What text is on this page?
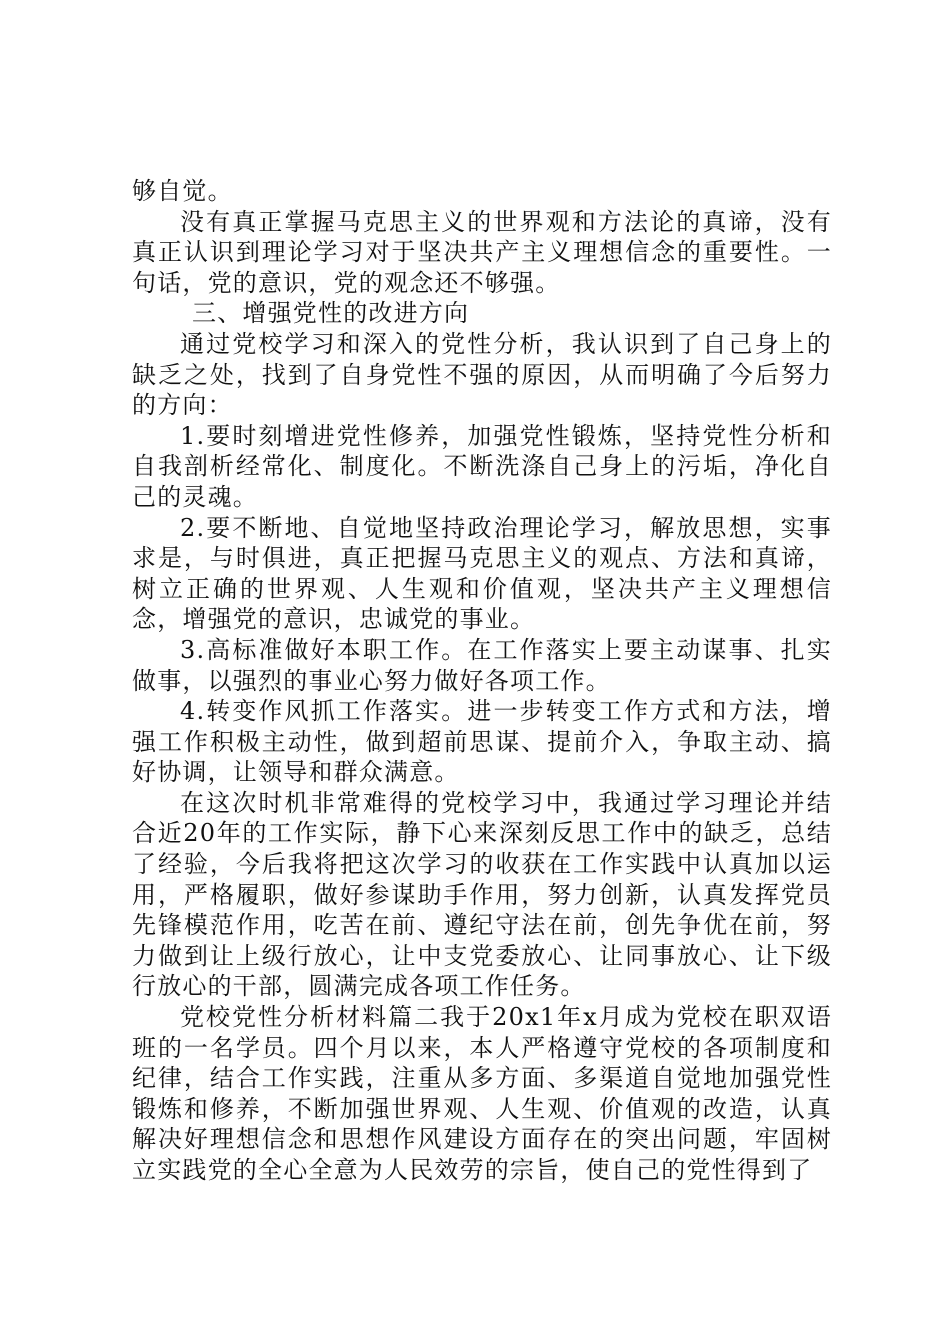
够自觉。

没有真正掌握马克思主义的世界观和方法论的真谛，没有真正认识到理论学习对于坚决共产主义理想信念的重要性。一句话，党的意识，党的观念还不够强。

三、增强党性的改进方向

通过党校学习和深入的党性分析，我认识到了自己身上的缺乏之处，找到了自身党性不强的原因，从而明确了今后努力的方向：

1.要时刻增进党性修养，加强党性锻炼，坚持党性分析和自我剖析经常化、制度化。不断洗涤自己身上的污垢，净化自己的灵魂。

2.要不断地、自觉地坚持政治理论学习，解放思想，实事求是，与时俱进，真正把握马克思主义的观点、方法和真谛，树立正确的世界观、人生观和价值观，坚决共产主义理想信念，增强党的意识，忠诚党的事业。

3.高标准做好本职工作。在工作落实上要主动谋事、扎实做事，以强烈的事业心努力做好各项工作。

4.转变作风抓工作落实。进一步转变工作方式和方法，增强工作积极主动性，做到超前思谋、提前介入，争取主动、搞好协调，让领导和群众满意。

在这次时机非常难得的党校学习中，我通过学习理论并结合近20年的工作实际，静下心来深刻反思工作中的缺乏，总结了经验，今后我将把这次学习的收获在工作实践中认真加以运用，严格履职，做好参谋助手作用，努力创新，认真发挥党员先锋模范作用，吃苦在前、遵纪守法在前，创先争优在前，努力做到让上级行放心，让中支党委放心、让同事放心、让下级行放心的干部，圆满完成各项工作任务。

党校党性分析材料篇二我于20x1年x月成为党校在职双语班的一名学员。四个月以来，本人严格遵守党校的各项制度和纪律，结合工作实践，注重从多方面、多渠道自觉地加强党性锻炼和修养，不断加强世界观、人生观、价值观的改造，认真解决好理想信念和思想作风建设方面存在的突出问题，牢固树立实践党的全心全意为人民效劳的宗旨，使自己的党性得到了
